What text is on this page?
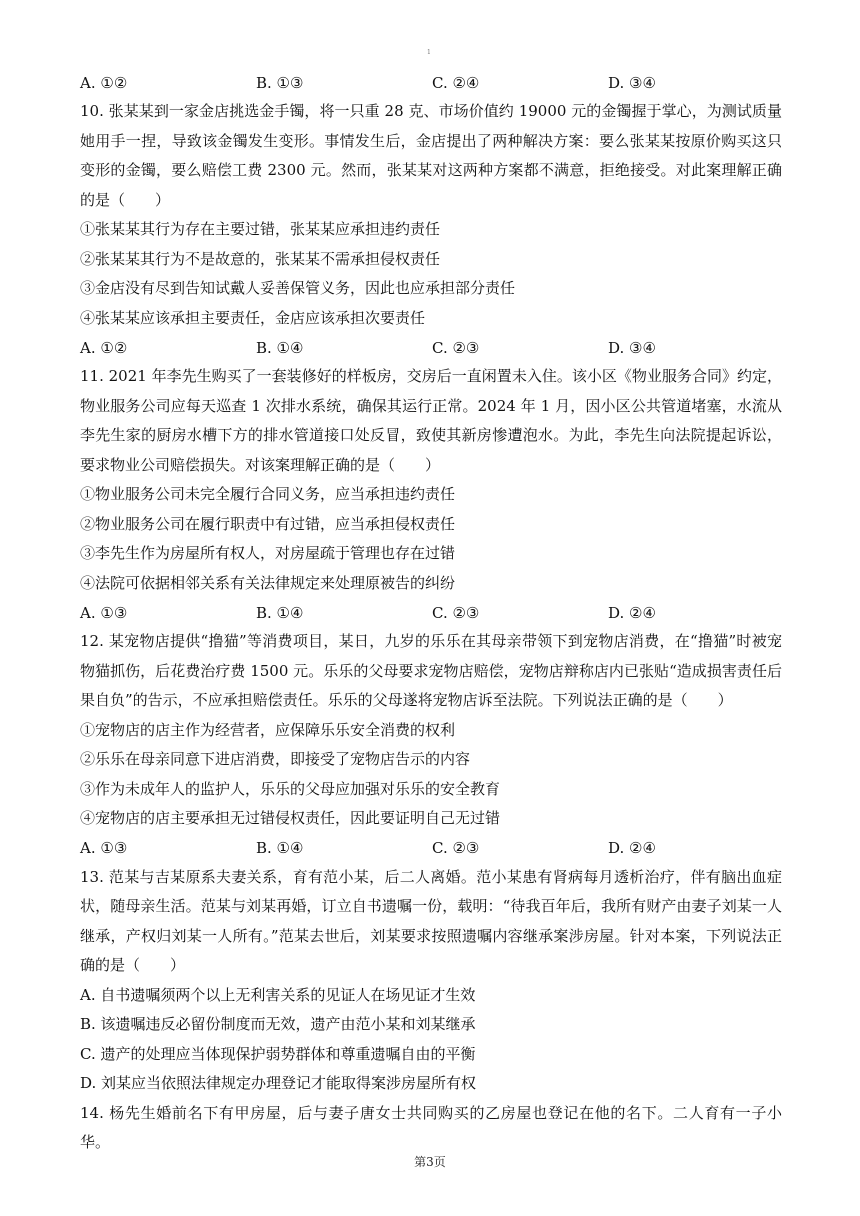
1
A. ①②	B. ①③	C. ②④	D. ③④

10. 张某某到一家金店挑选金手镯，将一只重 28 克、市场价值约 19000 元的金镯握于掌心，为测试质量她用手一捏，导致该金镯发生变形。事情发生后，金店提出了两种解决方案：要么张某某按原价购买这只变形的金镯，要么赔偿工费 2300 元。然而，张某某对这两种方案都不满意，拒绝接受。对此案理解正确的是（　　）

①张某某其行为存在主要过错，张某某应承担违约责任

②张某某其行为不是故意的，张某某不需承担侵权责任

③金店没有尽到告知试戴人妥善保管义务，因此也应承担部分责任

④张某某应该承担主要责任，金店应该承担次要责任

A. ①②	B. ①④	C. ②③	D. ③④

11. 2021 年李先生购买了一套装修好的样板房，交房后一直闲置未入住。该小区《物业服务合同》约定，物业服务公司应每天巡查 1 次排水系统，确保其运行正常。2024 年 1 月，因小区公共管道堵塞，水流从李先生家的厨房水槽下方的排水管道接口处反冒，致使其新房惨遭泡水。为此，李先生向法院提起诉讼，要求物业公司赔偿损失。对该案理解正确的是（　　）

①物业服务公司未完全履行合同义务，应当承担违约责任

②物业服务公司在履行职责中有过错，应当承担侵权责任

③李先生作为房屋所有权人，对房屋疏于管理也存在过错

④法院可依据相邻关系有关法律规定来处理原被告的纠纷

A. ①③	B. ①④	C. ②③	D. ②④

12. 某宠物店提供“撸猫”等消费项目，某日，九岁的乐乐在其母亲带领下到宠物店消费，在“撸猫”时被宠物猫抓伤，后花费治疗费 1500 元。乐乐的父母要求宠物店赔偿，宠物店辩称店内已张贴“造成损害责任后果自负”的告示，不应承担赔偿责任。乐乐的父母遂将宠物店诉至法院。下列说法正确的是（　　）

①宠物店的店主作为经营者，应保障乐乐安全消费的权利

②乐乐在母亲同意下进店消费，即接受了宠物店告示的内容

③作为未成年人的监护人，乐乐的父母应加强对乐乐的安全教育

④宠物店的店主要承担无过错侵权责任，因此要证明自己无过错

A. ①③	B. ①④	C. ②③	D. ②④

13. 范某与吉某原系夫妻关系，育有范小某，后二人离婚。范小某患有肾病每月透析治疗，伴有脑出血症状，随母亲生活。范某与刘某再婚，订立自书遗嘱一份，载明：“待我百年后，我所有财产由妻子刘某一人继承，产权归刘某一人所有。”范某去世后，刘某要求按照遗嘱内容继承案涉房屋。针对本案，下列说法正确的是（　　）

A. 自书遗嘱须两个以上无利害关系的见证人在场见证才生效

B. 该遗嘱违反必留份制度而无效，遗产由范小某和刘某继承

C. 遗产的处理应当体现保护弱势群体和尊重遗嘱自由的平衡

D. 刘某应当依照法律规定办理登记才能取得案涉房屋所有权

14. 杨先生婚前名下有甲房屋，后与妻子唐女士共同购买的乙房屋也登记在他的名下。二人育有一子小华。

第3页
